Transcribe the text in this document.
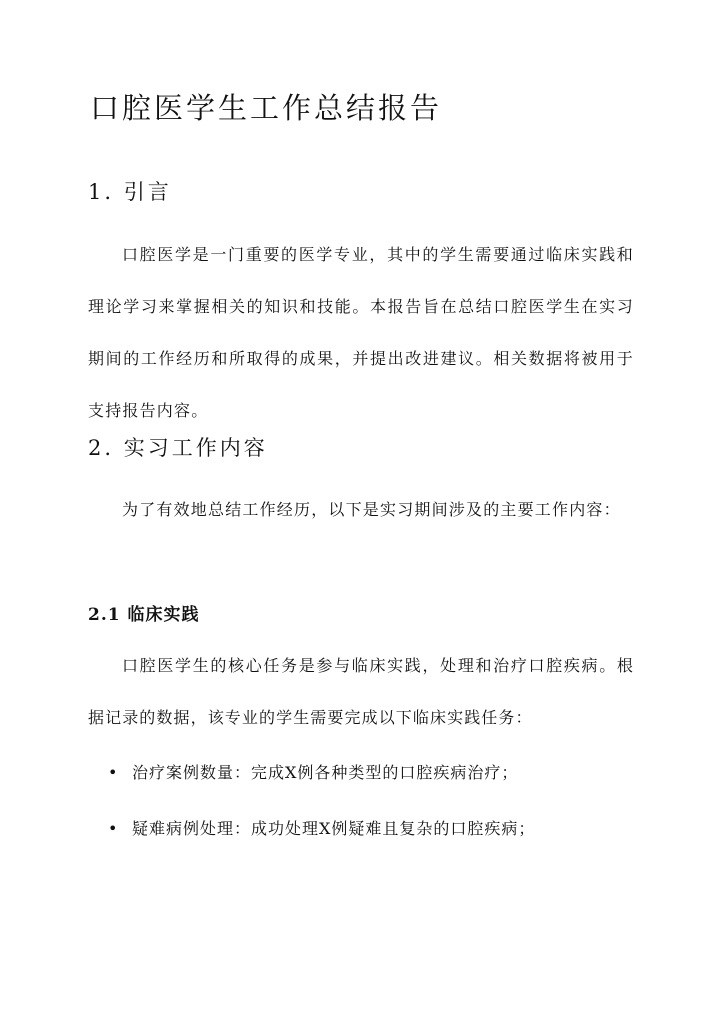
口腔医学生工作总结报告
1. 引言

口腔医学是一门重要的医学专业，其中的学生需要通过临床实践和理论学习来掌握相关的知识和技能。本报告旨在总结口腔医学生在实习期间的工作经历和所取得的成果，并提出改进建议。相关数据将被用于支持报告内容。

2. 实习工作内容

为了有效地总结工作经历，以下是实习期间涉及的主要工作内容：

2.1 临床实践

口腔医学生的核心任务是参与临床实践，处理和治疗口腔疾病。根据记录的数据，该专业的学生需要完成以下临床实践任务：

• 治疗案例数量：完成X例各种类型的口腔疾病治疗；
• 疑难病例处理：成功处理X例疑难且复杂的口腔疾病；
